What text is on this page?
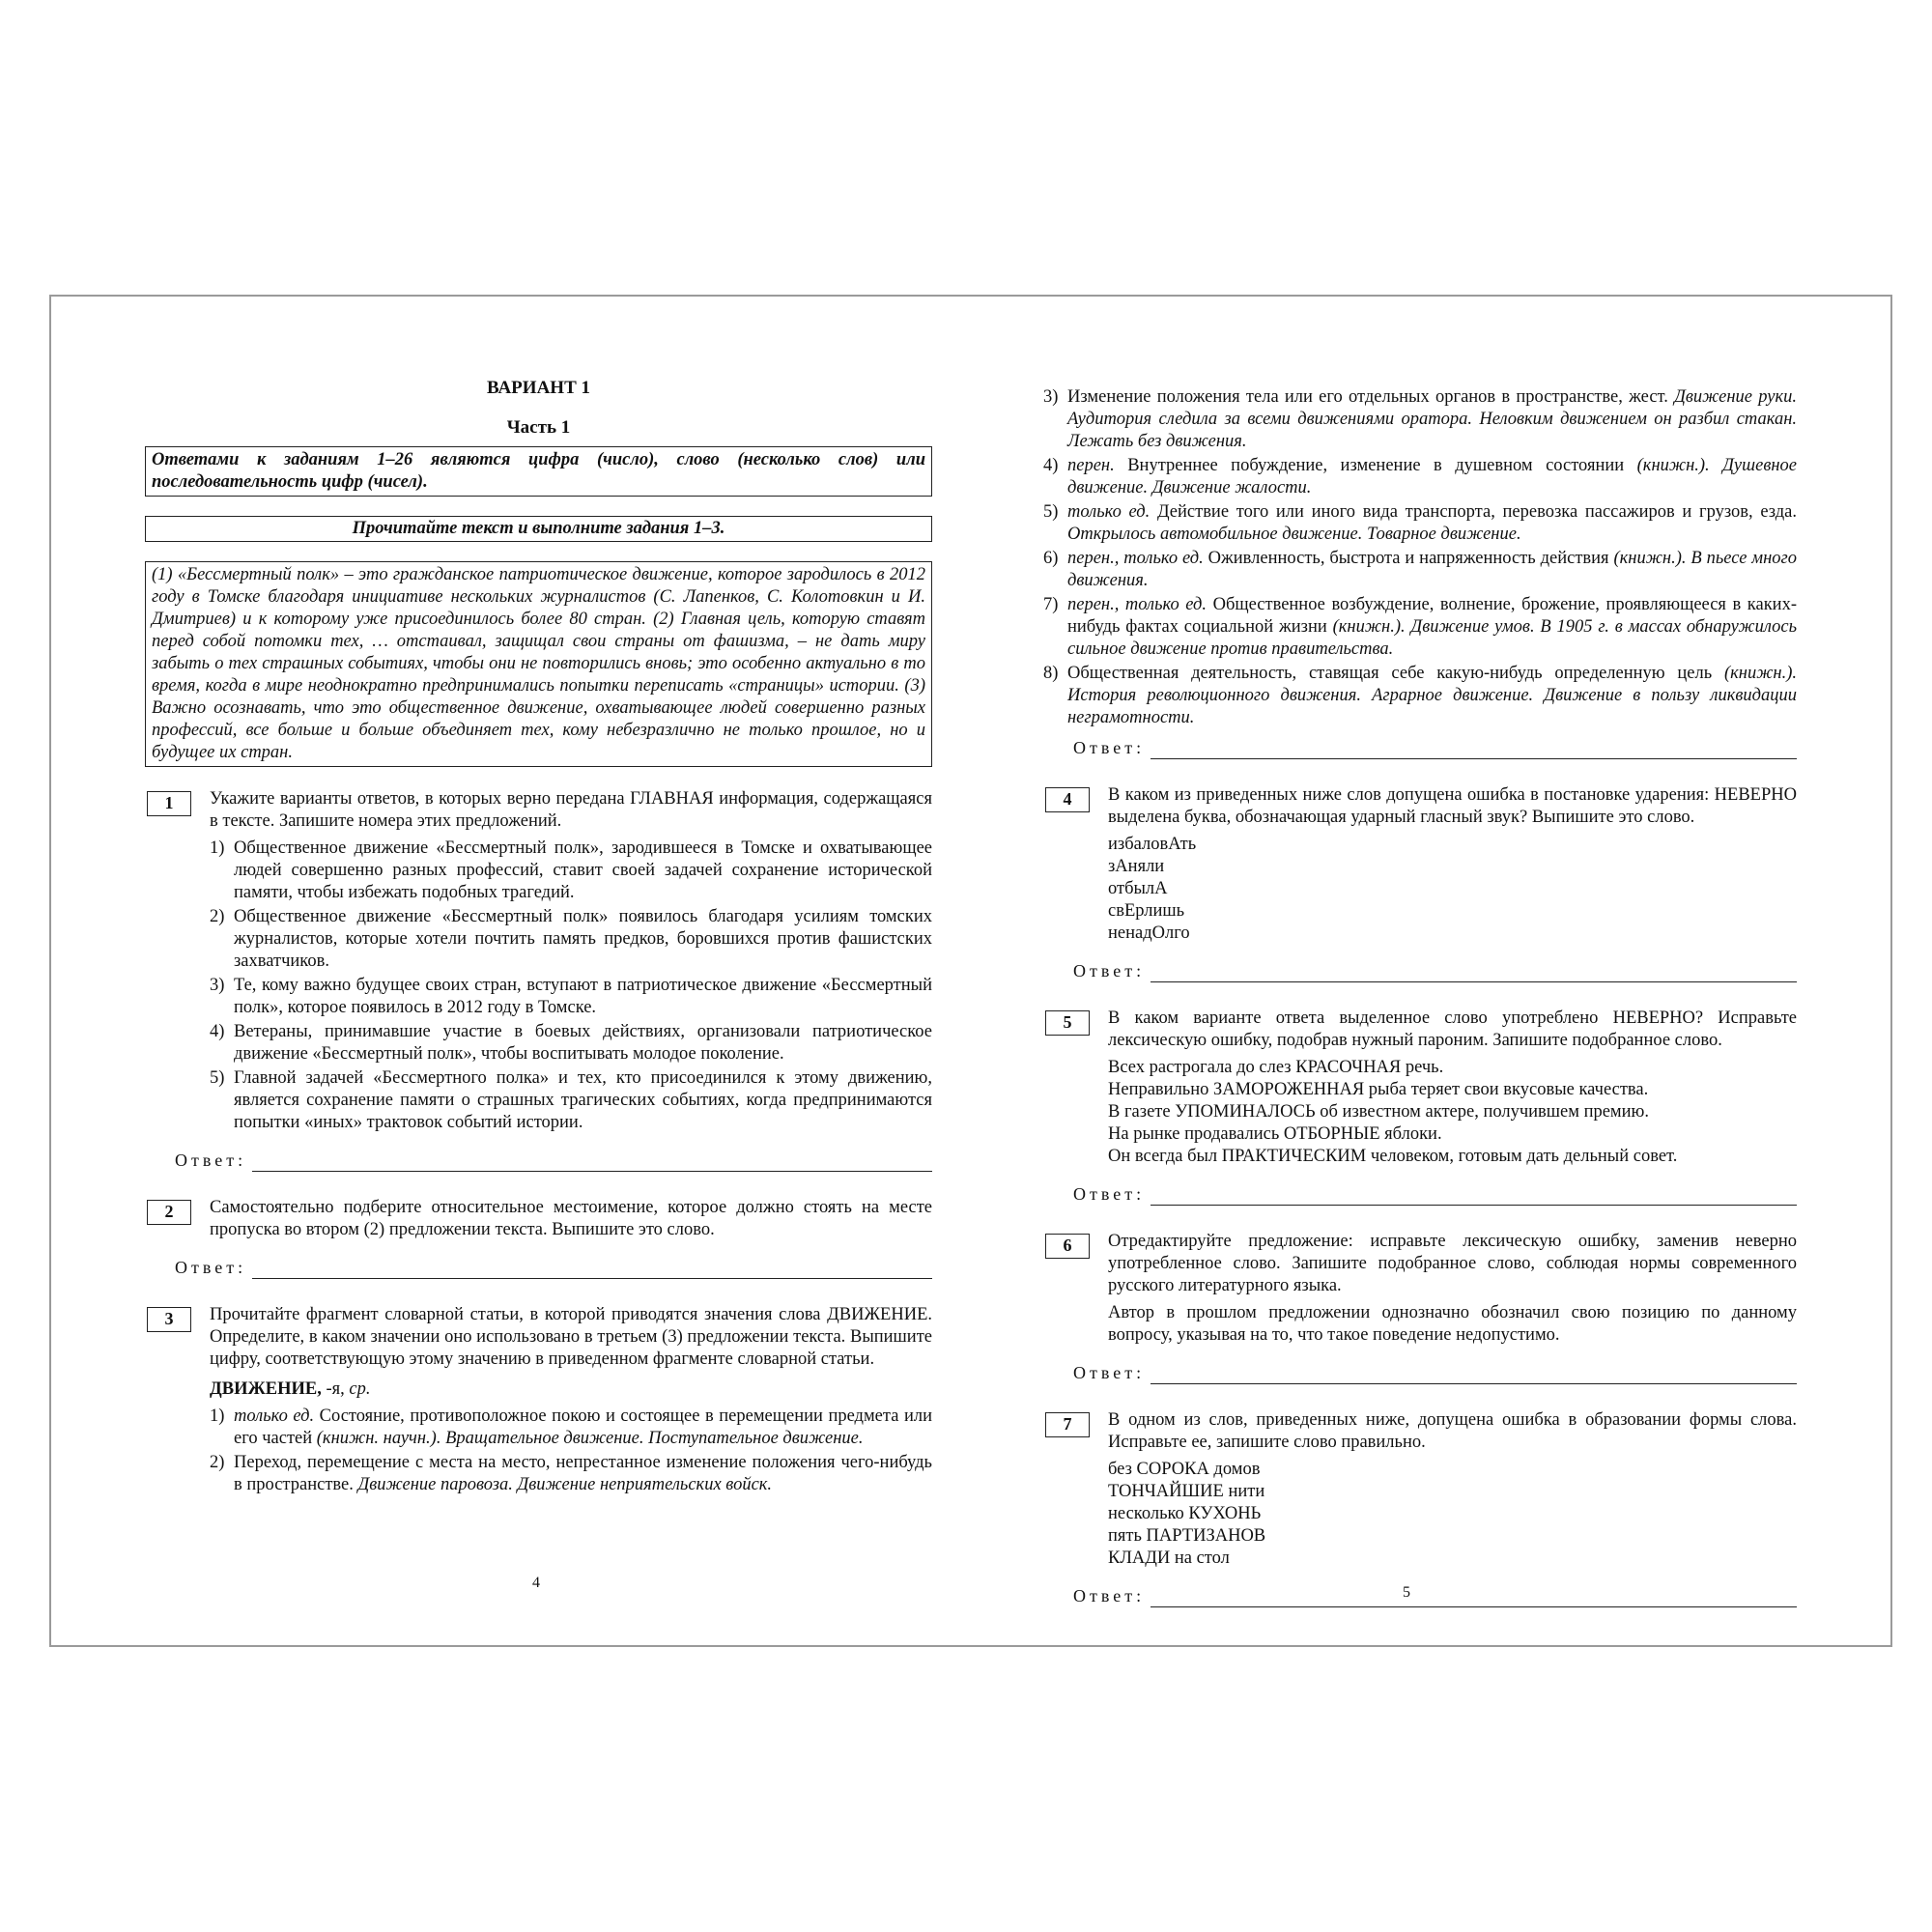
ВАРИАНТ 1
Часть 1
Ответами к заданиям 1–26 являются цифра (число), слово (несколько слов) или последовательность цифр (чисел).
Прочитайте текст и выполните задания 1–3.
(1) «Бессмертный полк» – это гражданское патриотическое движение, которое зародилось в 2012 году в Томске благодаря инициативе нескольких журналистов (С. Лапенков, С. Колотовкин и И. Дмитриев) и к которому уже присоединилось более 80 стран. (2) Главная цель, которую ставят перед собой потомки тех, … отстаивал, защищал свои страны от фашизма, – не дать миру забыть о тех страшных событиях, чтобы они не повторились вновь; это особенно актуально в то время, когда в мире неоднократно предпринимались попытки переписать «страницы» истории. (3) Важно осознавать, что это общественное движение, охватывающее людей совершенно разных профессий, все больше и больше объединяет тех, кому небезразлично не только прошлое, но и будущее их стран.
1	Укажите варианты ответов, в которых верно передана ГЛАВНАЯ информация, содержащаяся в тексте. Запишите номера этих предложений.
1) Общественное движение «Бессмертный полк», зародившееся в Томске и охватывающее людей совершенно разных профессий, ставит своей задачей сохранение исторической памяти, чтобы избежать подобных трагедий.
2) Общественное движение «Бессмертный полк» появилось благодаря усилиям томских журналистов, которые хотели почтить память предков, боровшихся против фашистских захватчиков.
3) Те, кому важно будущее своих стран, вступают в патриотическое движение «Бессмертный полк», которое появилось в 2012 году в Томске.
4) Ветераны, принимавшие участие в боевых действиях, организовали патриотическое движение «Бессмертный полк», чтобы воспитывать молодое поколение.
5) Главной задачей «Бессмертного полка» и тех, кто присоединился к этому движению, является сохранение памяти о страшных трагических событиях, когда предпринимаются попытки «иных» трактовок событий истории.
Ответ:
2	Самостоятельно подберите относительное местоимение, которое должно стоять на месте пропуска во втором (2) предложении текста. Выпишите это слово.
Ответ:
3	Прочитайте фрагмент словарной статьи, в которой приводятся значения слова ДВИЖЕНИЕ. Определите, в каком значении оно использовано в третьем (3) предложении текста. Выпишите цифру, соответствующую этому значению в приведенном фрагменте словарной статьи.
ДВИЖЕНИЕ, -я, ср.
1) только ед. Состояние, противоположное покою и состоящее в перемещении предмета или его частей (книжн. научн.). Вращательное движение. Поступательное движение.
2) Переход, перемещение с места на место, непрестанное изменение положения чего-нибудь в пространстве. Движение паровоза. Движение неприятельских войск.
4
3) Изменение положения тела или его отдельных органов в пространстве, жест. Движение руки. Аудитория следила за всеми движениями оратора. Неловким движением он разбил стакан. Лежать без движения.
4) перен. Внутреннее побуждение, изменение в душевном состоянии (книжн.). Душевное движение. Движение жалости.
5) только ед. Действие того или иного вида транспорта, перевозка пассажиров и грузов, езда. Открылось автомобильное движение. Товарное движение.
6) перен., только ед. Оживленность, быстрота и напряженность действия (книжн.). В пьесе много движения.
7) перен., только ед. Общественное возбуждение, волнение, брожение, проявляющееся в каких-нибудь фактах социальной жизни (книжн.). Движение умов. В 1905 г. в массах обнаружилось сильное движение против правительства.
8) Общественная деятельность, ставящая себе какую-нибудь определенную цель (книжн.). История революционного движения. Аграрное движение. Движение в пользу ликвидации неграмотности.
Ответ:
4	В каком из приведенных ниже слов допущена ошибка в постановке ударения: НЕВЕРНО выделена буква, обозначающая ударный гласный звук? Выпишите это слово.
избаловАть
зАняли
отбылА
свЕрлишь
ненадОлго
Ответ:
5	В каком варианте ответа выделенное слово употреблено НЕВЕРНО? Исправьте лексическую ошибку, подобрав нужный пароним. Запишите подобранное слово.
Всех растрогала до слез КРАСОЧНАЯ речь.
Неправильно ЗАМОРОЖЕННАЯ рыба теряет свои вкусовые качества.
В газете УПОМИНАЛОСЬ об известном актере, получившем премию.
На рынке продавались ОТБОРНЫЕ яблоки.
Он всегда был ПРАКТИЧЕСКИМ человеком, готовым дать дельный совет.
Ответ:
6	Отредактируйте предложение: исправьте лексическую ошибку, заменив неверно употребленное слово. Запишите подобранное слово, соблюдая нормы современного русского литературного языка.
Автор в прошлом предложении однозначно обозначил свою позицию по данному вопросу, указывая на то, что такое поведение недопустимо.
Ответ:
7	В одном из слов, приведенных ниже, допущена ошибка в образовании формы слова. Исправьте ее, запишите слово правильно.
без СОРОКА домов
ТОНЧАЙШИЕ нити
несколько КУХОНЬ
пять ПАРТИЗАНОВ
КЛАДИ на стол
Ответ:	5
